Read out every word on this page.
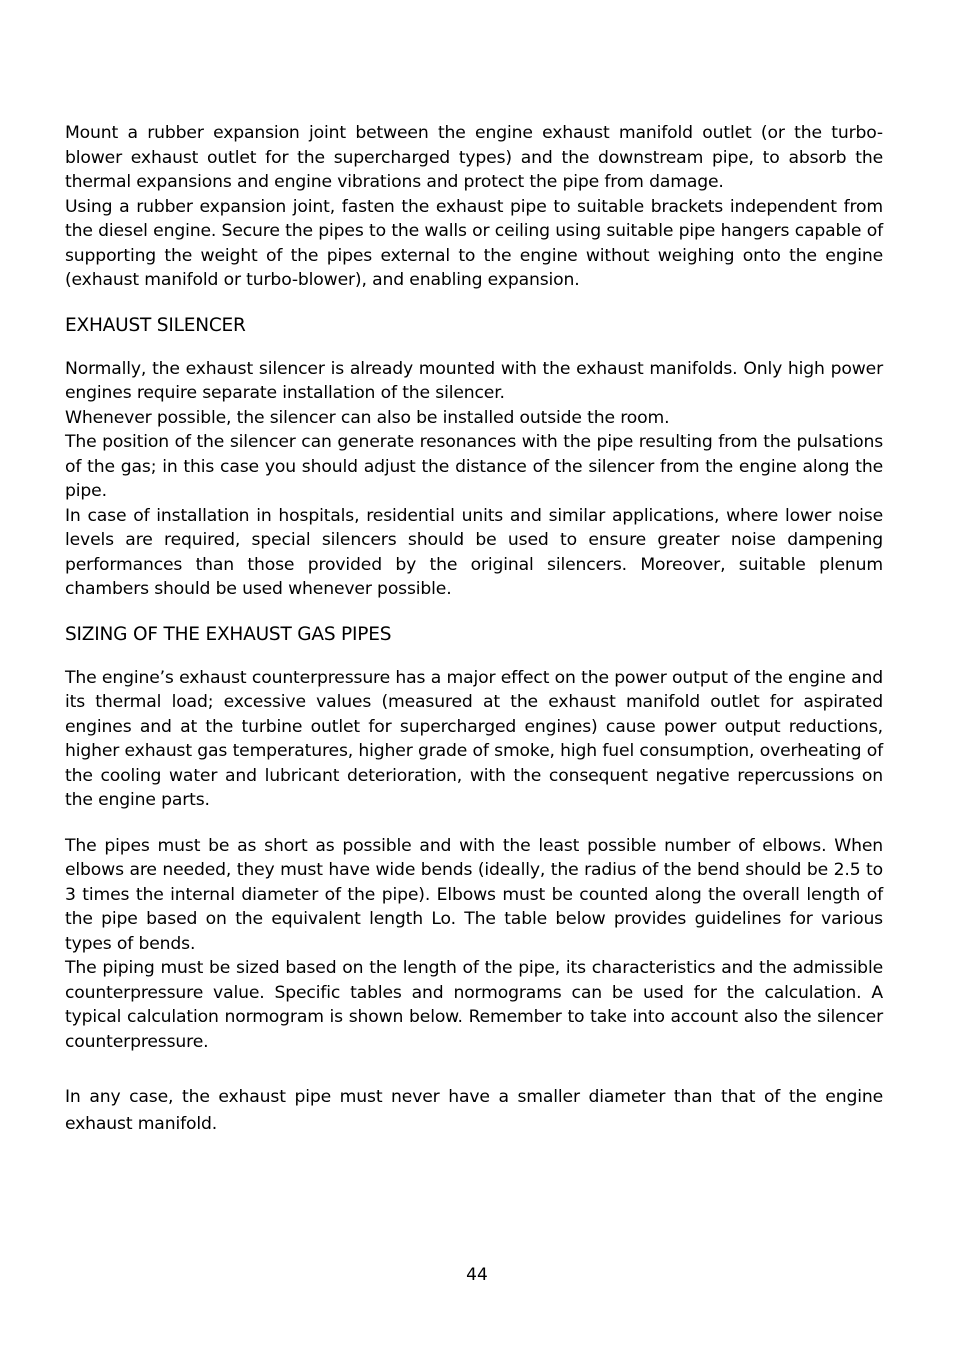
Mount a rubber expansion joint between the engine exhaust manifold outlet (or the turbo-blower exhaust outlet for the supercharged types) and the downstream pipe, to absorb the thermal expansions and engine vibrations and protect the pipe from damage.

Using a rubber expansion joint, fasten the exhaust pipe to suitable brackets independent from the diesel engine. Secure the pipes to the walls or ceiling using suitable pipe hangers capable of supporting the weight of the pipes external to the engine without weighing onto the engine (exhaust manifold or turbo-blower), and enabling expansion.

EXHAUST SILENCER

Normally, the exhaust silencer is already mounted with the exhaust manifolds. Only high power engines require separate installation of the silencer.

Whenever possible, the silencer can also be installed outside the room.

The position of the silencer can generate resonances with the pipe resulting from the pulsations of the gas; in this case you should adjust the distance of the silencer from the engine along the pipe.

In case of installation in hospitals, residential units and similar applications, where lower noise levels are required, special silencers should be used to ensure greater noise dampening performances than those provided by the original silencers. Moreover, suitable plenum chambers should be used whenever possible.

SIZING OF THE EXHAUST GAS PIPES

The engine’s exhaust counterpressure has a major effect on the power output of the engine and its thermal load; excessive values (measured at the exhaust manifold outlet for aspirated engines and at the turbine outlet for supercharged engines) cause power output reductions, higher exhaust gas temperatures, higher grade of smoke, high fuel consumption, overheating of the cooling water and lubricant deterioration, with the consequent negative repercussions on the engine parts.

The pipes must be as short as possible and with the least possible number of elbows. When elbows are needed, they must have wide bends (ideally, the radius of the bend should be 2.5 to 3 times the internal diameter of the pipe). Elbows must be counted along the overall length of the pipe based on the equivalent length Lo. The table below provides guidelines for various types of bends.

The piping must be sized based on the length of the pipe, its characteristics and the admissible counterpressure value. Specific tables and normograms can be used for the calculation. A typical calculation normogram is shown below. Remember to take into account also the silencer counterpressure.

In any case, the exhaust pipe must never have a smaller diameter than that of the engine exhaust manifold.

44
